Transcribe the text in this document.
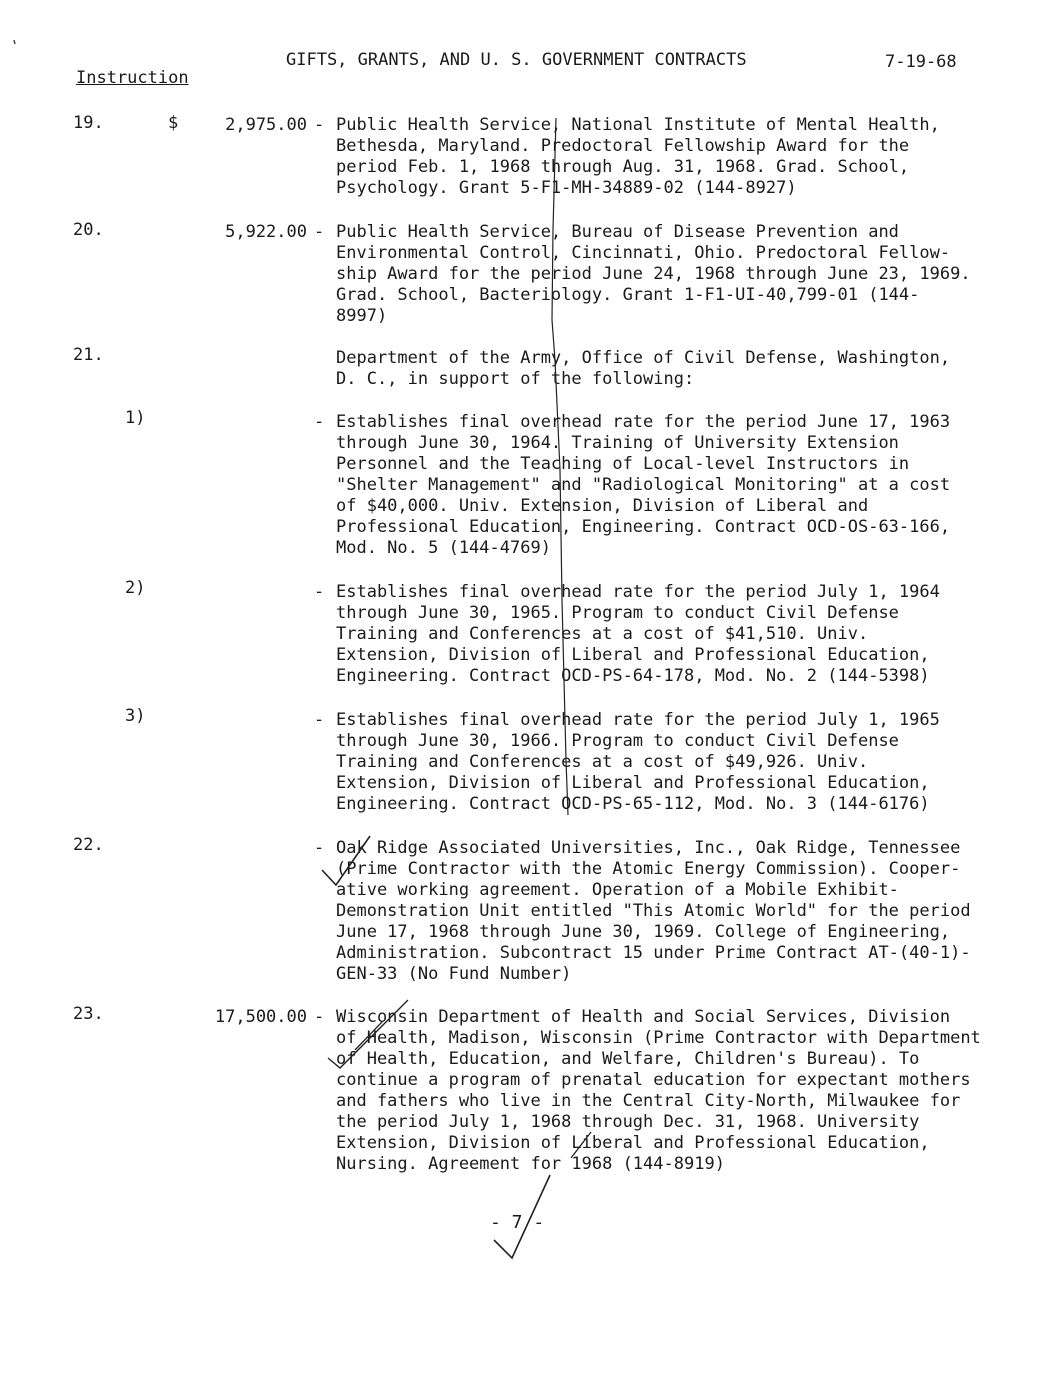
GIFTS, GRANTS, AND U. S. GOVERNMENT CONTRACTS	7-19-68
Instruction
19.	$	2,975.00 - Public Health Service, National Institute of Mental Health,
Bethesda, Maryland. Predoctoral Fellowship Award for the
period Feb. 1, 1968 through Aug. 31, 1968. Grad. School,
Psychology. Grant 5-F1-MH-34889-02 (144-8927)
20.	5,922.00 - Public Health Service, Bureau of Disease Prevention and
Environmental Control, Cincinnati, Ohio. Predoctoral Fellow-
ship Award for the period June 24, 1968 through June 23, 1969.
Grad. School, Bacteriology. Grant 1-F1-UI-40,799-01 (144-
8997)
21.	Department of the Army, Office of Civil Defense, Washington,
D. C., in support of the following:
1)	- Establishes final overhead rate for the period June 17, 1963
through June 30, 1964. Training of University Extension
Personnel and the Teaching of Local-level Instructors in
"Shelter Management" and "Radiological Monitoring" at a cost
of $40,000. Univ. Extension, Division of Liberal and
Professional Education, Engineering. Contract OCD-OS-63-166,
Mod. No. 5 (144-4769)
2)	- Establishes final overhead rate for the period July 1, 1964
through June 30, 1965. Program to conduct Civil Defense
Training and Conferences at a cost of $41,510. Univ.
Extension, Division of Liberal and Professional Education,
Engineering. Contract OCD-PS-64-178, Mod. No. 2 (144-5398)
3)	- Establishes final overhead rate for the period July 1, 1965
through June 30, 1966. Program to conduct Civil Defense
Training and Conferences at a cost of $49,926. Univ.
Extension, Division of Liberal and Professional Education,
Engineering. Contract OCD-PS-65-112, Mod. No. 3 (144-6176)
22.	- Oak Ridge Associated Universities, Inc., Oak Ridge, Tennessee
(Prime Contractor with the Atomic Energy Commission). Cooper-
ative working agreement. Operation of a Mobile Exhibit-
Demonstration Unit entitled "This Atomic World" for the period
June 17, 1968 through June 30, 1969. College of Engineering,
Administration. Subcontract 15 under Prime Contract AT-(40-1)-
GEN-33 (No Fund Number)
23.	17,500.00 - Wisconsin Department of Health and Social Services, Division
of Health, Madison, Wisconsin (Prime Contractor with Department
of Health, Education, and Welfare, Children's Bureau). To
continue a program of prenatal education for expectant mothers
and fathers who live in the Central City-North, Milwaukee for
the period July 1, 1968 through Dec. 31, 1968. University
Extension, Division of Liberal and Professional Education,
Nursing. Agreement for 1968 (144-8919)
- 7 -
